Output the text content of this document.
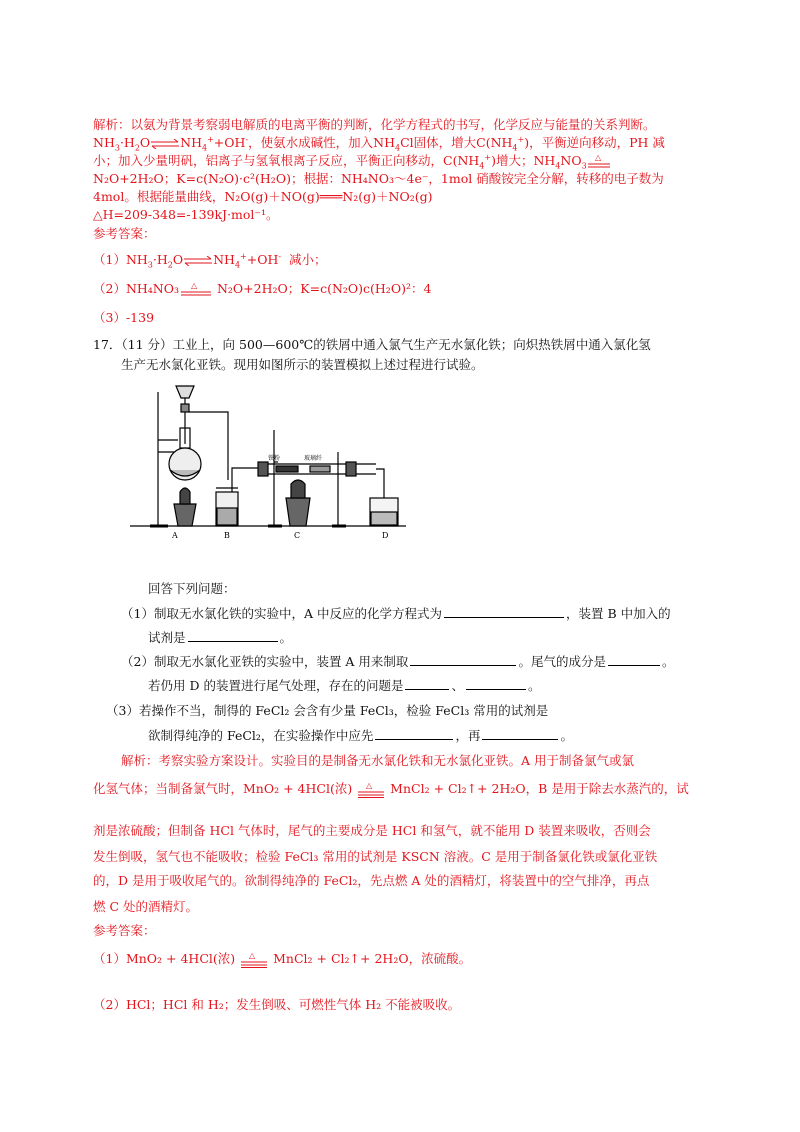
解析：以氨为背景考察弱电解质的电离平衡的判断，化学方程式的书写，化学反应与能量的关系判断。
$NH_3\cdot H_2O\rightleftharpoons NH_4^++OH^-$，使氨水成碱性，加入$NH_4Cl$固体，增大$C(NH_4^+)$，平衡逆向移动，PH 减
小；加入少量明矾，铝离子与氢氧根离子反应，平衡正向移动，$C(NH_4^+)$增大；$NH_4NO_3$
△
N₂O+2H₂O；K=c(N₂O)·c²(H₂O)；根据：NH₄NO₃～4e⁻，1mol 硝酸铵完全分解，转移的电子数为
4mol。根据能量曲线，N₂O(g)＋NO(g)═══N₂(g)＋NO₂(g)
△H=209-348=-139kJ·mol⁻¹。
参考答案：
$(1)NH_3\cdot H_2O\rightleftharpoons NH_4^++OH^-$ 减小；
（2）NH₄NO₃ △ N₂O+2H₂O；K=c(N₂O)c(H₂O)²：4
（3）-139
17．（11 分）工业上，向 500—600℃的铁屑中通入氯气生产无水氯化铁；向炽热铁屑中通入氯化氢
生产无水氯化亚铁。现用如图所示的装置模拟上述过程进行试验。
铁粉	玻璃纤
A	B	C	D
回答下列问题：
（1）制取无水氯化铁的实验中，A 中反应的化学方程式为	，装置 B 中加入的
试剂是	。
（2）制取无水氯化亚铁的实验中，装置 A 用来制取	。尾气的成分是	。
若仍用 D 的装置进行尾气处理，存在的问题是	、	。
（3）若操作不当，制得的 FeCl₂ 会含有少量 FeCl₃，检验 FeCl₃ 常用的试剂是
欲制得纯净的 FeCl₂，在实验操作中应先	，再	。
解析：考察实验方案设计。实验目的是制备无水氯化铁和无水氯化亚铁。A 用于制备氯气或氯
化氢气体；当制备氯气时，MnO₂ + 4HCl(浓) △ MnCl₂ + Cl₂↑+ 2H₂O，B 是用于除去水蒸汽的，试
剂是浓硫酸；但制备 HCl 气体时，尾气的主要成分是 HCl 和氢气，就不能用 D 装置来吸收，否则会
发生倒吸，氢气也不能吸收；检验 FeCl₃ 常用的试剂是 KSCN 溶液。C 是用于制备氯化铁或氯化亚铁
的，D 是用于吸收尾气的。欲制得纯净的 FeCl₂，先点燃 A 处的酒精灯，将装置中的空气排净，再点
燃 C 处的酒精灯。
参考答案：
（1）MnO₂ + 4HCl(浓) △ MnCl₂ + Cl₂↑+ 2H₂O，浓硫酸。
（2）HCl；HCl 和 H₂；发生倒吸、可燃性气体 H₂ 不能被吸收。
